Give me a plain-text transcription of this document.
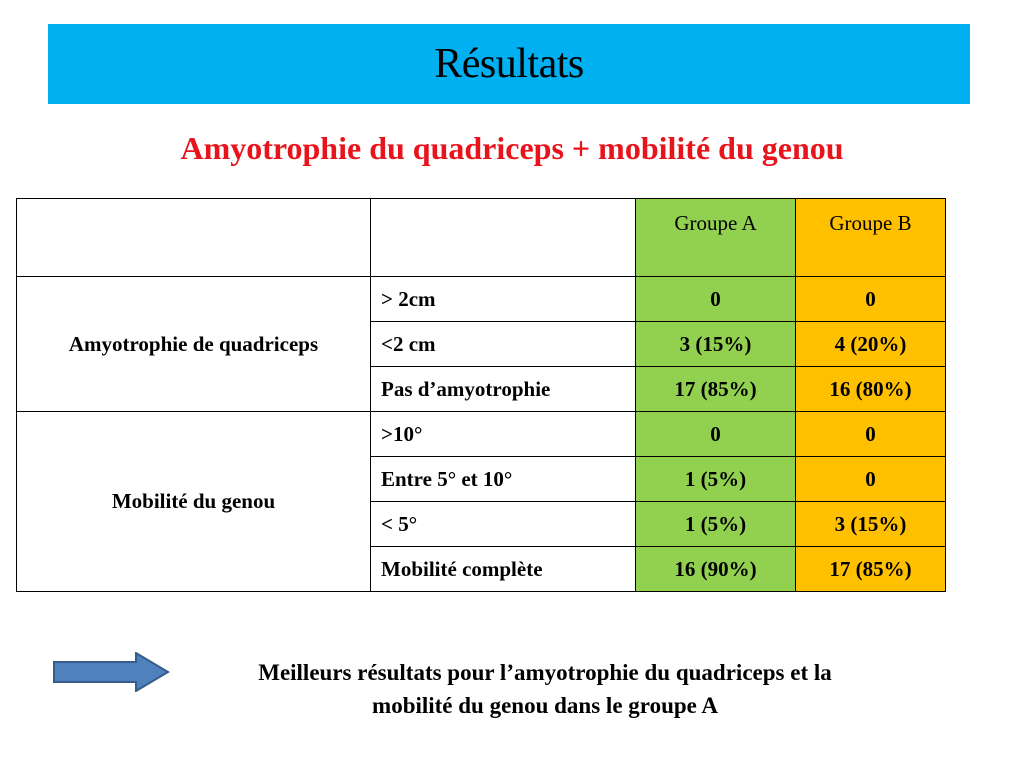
Résultats
Amyotrophie du quadriceps + mobilité du genou
		Groupe A	Groupe B
Amyotrophie de quadriceps	> 2cm	0	0
	<2 cm	3 (15%)	4 (20%)
	Pas d’amyotrophie	17 (85%)	16 (80%)
Mobilité du genou	>10°	0	0
	Entre 5° et 10°	1 (5%)	0
	< 5°	1 (5%)	3 (15%)
	Mobilité complète	16 (90%)	17 (85%)
Meilleurs résultats pour l’amyotrophie du quadriceps et la
mobilité du genou dans le groupe A
